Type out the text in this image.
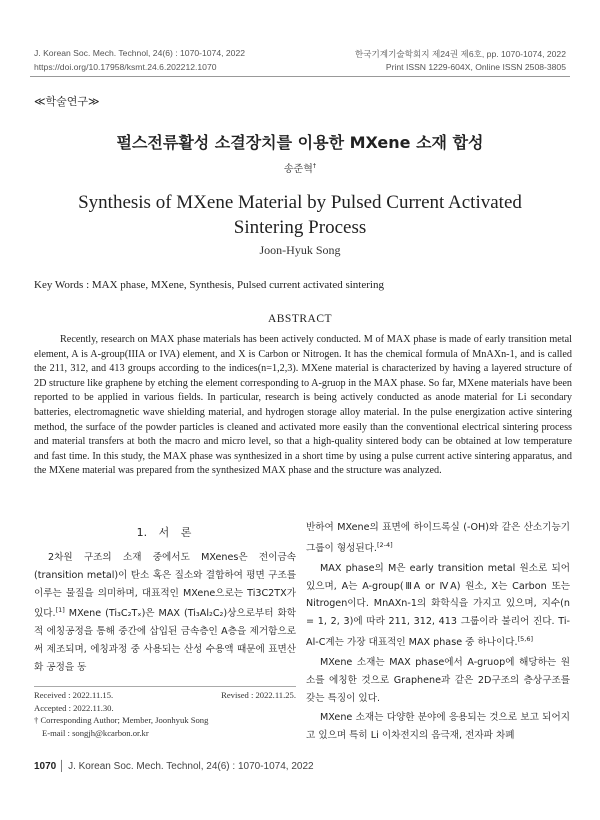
J. Korean Soc. Mech. Technol, 24(6) : 1070-1074, 2022
https://doi.org/10.17958/ksmt.24.6.202212.1070
한국기계기술학회지 제24권 제6호, pp. 1070-1074, 2022
Print ISSN 1229-604X, Online ISSN 2508-3805
≪학술연구≫
펄스전류활성 소결장치를 이용한 MXene 소재 합성
송준혁†
Synthesis of MXene Material by Pulsed Current Activated Sintering Process
Joon-Hyuk Song
Key Words : MAX phase, MXene, Synthesis, Pulsed current activated sintering
ABSTRACT

Recently, research on MAX phase materials has been actively conducted. M of MAX phase is made of early transition metal element, A is A-group(IIIA or IVA) element, and X is Carbon or Nitrogen. It has the chemical formula of MnAXn-1, and is called the 211, 312, and 413 groups according to the indices(n=1,2,3). MXene material is characterized by having a layered structure of 2D structure like graphene by etching the element corresponding to A-gruop in the MAX phase. So far, MXene materials have been reported to be applied in various fields. In particular, research is being actively conducted as anode material for Li secondary batteries, electromagnetic wave shielding material, and hydrogen storage alloy material. In the pulse energization active sintering method, the surface of the powder particles is cleaned and activated more easily than the conventional electrical sintering process and material transfers at both the macro and micro level, so that a high-quality sintered body can be obtained at low temperature and fast time. In this study, the MAX phase was synthesized in a short time by using a pulse current active sintering apparatus, and the MXene material was prepared from the synthesized MAX phase and the structure was analyzed.

1. 서 론

2차원 구조의 소재 중에서도 MXenes은 전이금속(transition metal)이 탄소 혹은 질소와 결합하여 평면 구조를 이루는 물질을 의미하며, 대표적인 MXene으로는 Ti3C2TX가 있다.[1] MXene (Ti₃C₂Tₓ)은 MAX (Ti₃Al₂C₂)상으로부터 화학적 에칭공정을 통해 중간에 삽입된 금속층인 A층을 제거함으로써 제조되며, 에칭과정 중 사용되는 산성 수용액 때문에 표면산화 공정을 동

Received : 2022.11.15.	Revised : 2022.11.25.
Accepted : 2022.11.30.
† Corresponding Author; Member, Joonhyuk Song
E-mail : songjh@kcarbon.or.kr

반하여 MXene의 표면에 하이드록실 (-OH)와 같은 산소기능기 그룹이 형성된다.[2-4]

MAX phase의 M은 early transition metal 원소로 되어 있으며, A는 A-group(ⅢA or ⅣA) 원소, X는 Carbon 또는 Nitrogen이다. MnAXn-1의 화학식을 가지고 있으며, 지수(n = 1, 2, 3)에 따라 211, 312, 413 그룹이라 불리어 진다. Ti-Al-C계는 가장 대표적인 MAX phase 중 하나이다.[5,6]

MXene 소재는 MAX phase에서 A-gruop에 해당하는 원소를 에칭한 것으로 Graphene과 같은 2D구조의 층상구조를 갖는 특징이 있다.

MXene 소재는 다양한 분야에 응용되는 것으로 보고 되어지고 있으며 특히 Li 이차전지의 음극재, 전자파 차폐

1070 │ J. Korean Soc. Mech. Technol, 24(6) : 1070-1074, 2022
